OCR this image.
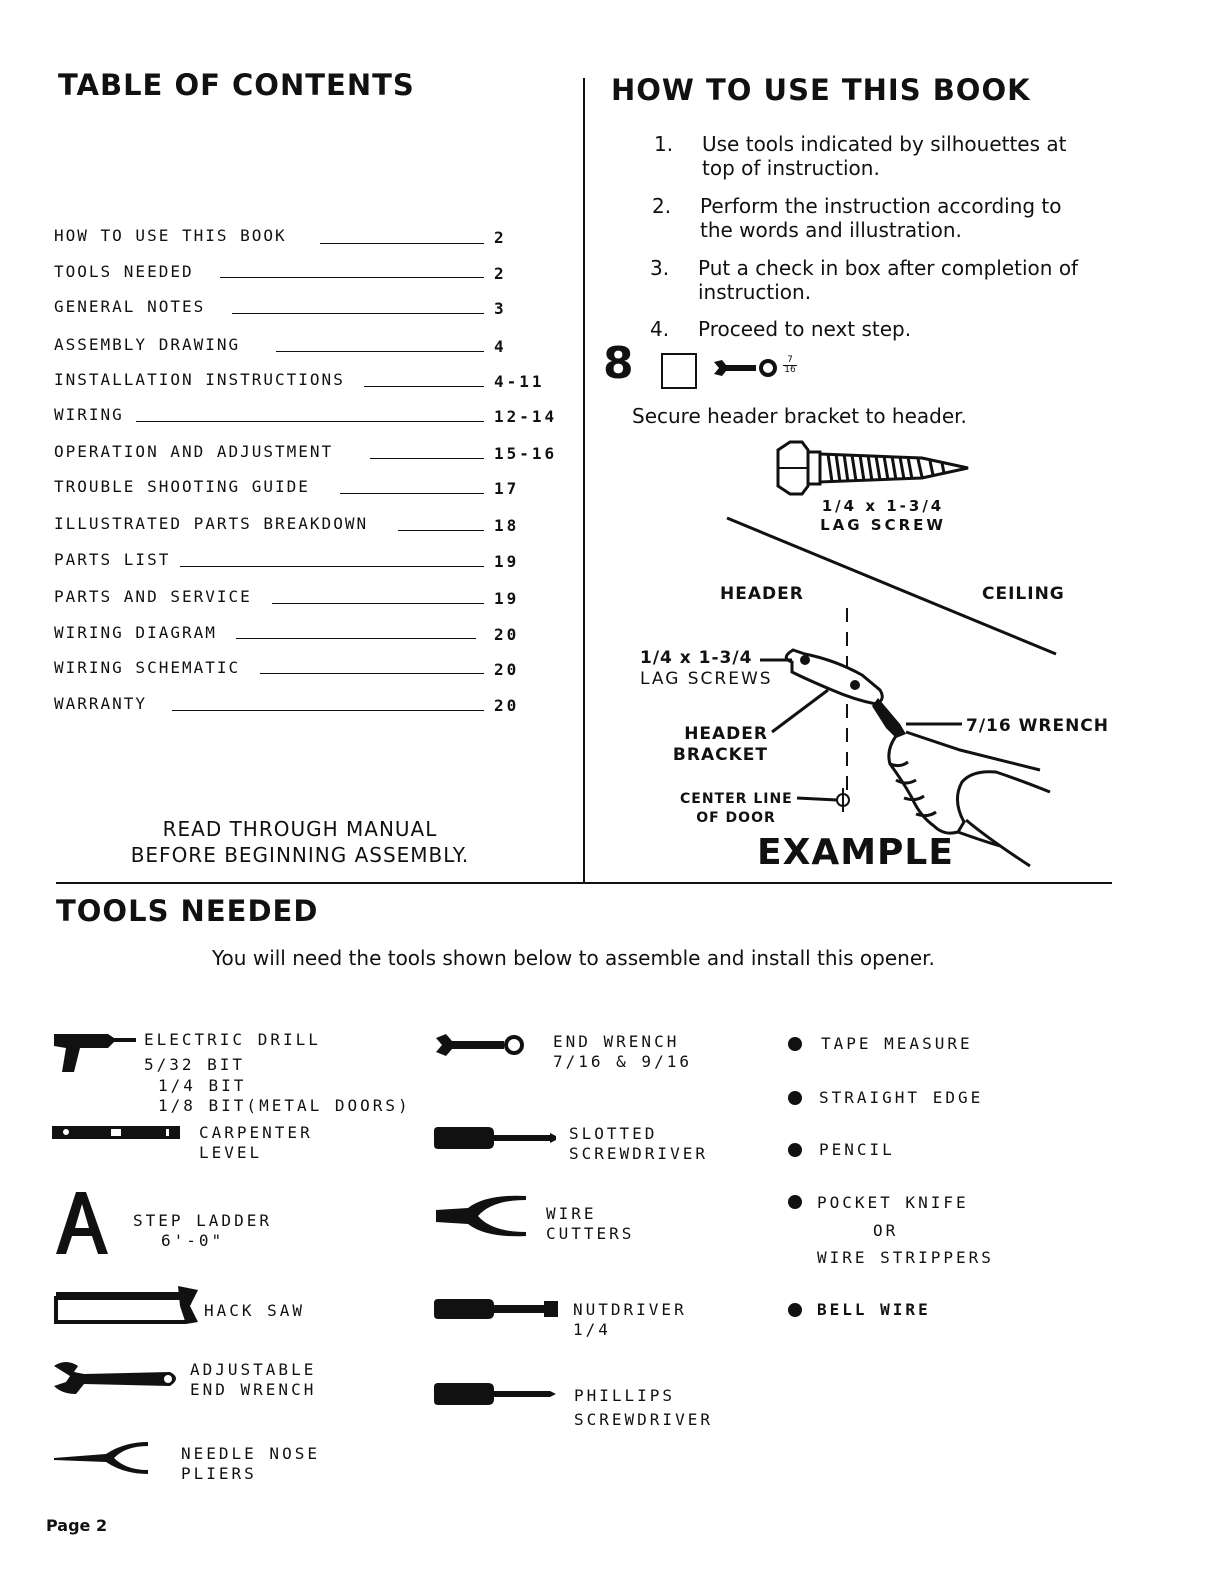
TABLE OF CONTENTS
HOW TO USE THIS BOOK	2
TOOLS NEEDED	2
GENERAL NOTES	3
ASSEMBLY DRAWING	4
INSTALLATION INSTRUCTIONS	4-11
WIRING	12-14
OPERATION AND ADJUSTMENT	15-16
TROUBLE SHOOTING GUIDE	17
ILLUSTRATED PARTS BREAKDOWN	18
PARTS LIST	19
PARTS AND SERVICE	19
WIRING DIAGRAM	20
WIRING SCHEMATIC	20
WARRANTY	20
READ THROUGH MANUAL
BEFORE BEGINNING ASSEMBLY.
HOW TO USE THIS BOOK
1. Use tools indicated by silhouettes at top of instruction.
2. Perform the instruction according to the words and illustration.
3. Put a check in box after completion of instruction.
4. Proceed to next step.
8	7
16
Secure header bracket to header.
1/4 x 1-3/4
LAG SCREW
HEADER	CEILING
1/4 x 1-3/4
LAG SCREWS
HEADER
BRACKET
7/16 WRENCH
CENTER LINE
OF DOOR
EXAMPLE
TOOLS NEEDED
You will need the tools shown below to assemble and install this opener.
ELECTRIC DRILL
5/32 BIT
1/4 BIT
1/8 BIT(METAL DOORS)
CARPENTER
LEVEL
STEP LADDER
6'-0"
HACK SAW
ADJUSTABLE
END WRENCH
NEEDLE NOSE
PLIERS
END WRENCH
7/16 & 9/16
SLOTTED
SCREWDRIVER
WIRE
CUTTERS
NUTDRIVER
1/4
PHILLIPS
SCREWDRIVER
TAPE MEASURE
STRAIGHT EDGE
PENCIL
POCKET KNIFE
OR
WIRE STRIPPERS
BELL WIRE
Page 2
